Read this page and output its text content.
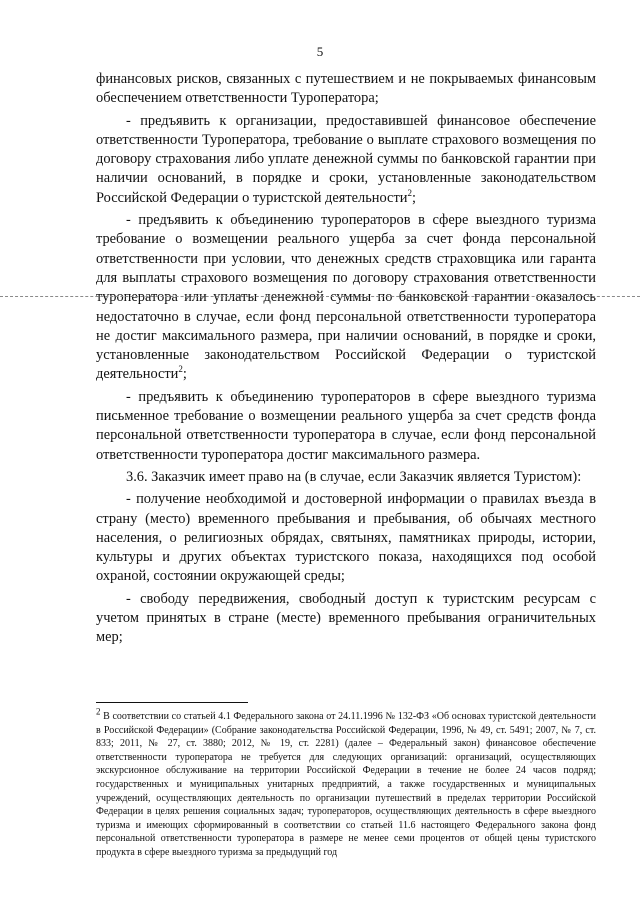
5

финансовых рисков, связанных с путешествием и не покрываемых финансовым обеспечением ответственности Туроператора;

- предъявить к организации, предоставившей финансовое обеспечение ответственности Туроператора, требование о выплате страхового возмещения по договору страхования либо уплате денежной суммы по банковской гарантии при наличии оснований, в порядке и сроки, установленные законодательством Российской Федерации о туристской деятельности$^2$;

- предъявить к объединению туроператоров в сфере выездного туризма требование о возмещении реального ущерба за счет фонда персональной ответственности при условии, что денежных средств страховщика или гаранта для выплаты страхового возмещения по договору страхования ответственности туроператора или уплаты денежной суммы по банковской гарантии оказалось недостаточно в случае, если фонд персональной ответственности туроператора не достиг максимального размера, при наличии оснований, в порядке и сроки, установленные законодательством Российской Федерации о туристской деятельности$^2$;

- предъявить к объединению туроператоров в сфере выездного туризма письменное требование о возмещении реального ущерба за счет средств фонда персональной ответственности туроператора в случае, если фонд персональной ответственности туроператора достиг максимального размера.

3.6. Заказчик имеет право на (в случае, если Заказчик является Туристом):

- получение необходимой и достоверной информации о правилах въезда в страну (место) временного пребывания и пребывания, об обычаях местного населения, о религиозных обрядах, святынях, памятниках природы, истории, культуры и других объектах туристского показа, находящихся под особой охраной, состоянии окружающей среды;

- свободу передвижения, свободный доступ к туристским ресурсам с учетом принятых в стране (месте) временного пребывания ограничительных мер;

$^2$ В соответствии со статьей 4.1 Федерального закона от 24.11.1996 № 132-ФЗ «Об основах туристской деятельности в Российской Федерации» (Собрание законодательства Российской Федерации, 1996, № 49, ст. 5491; 2007, № 7, ст. 833; 2011, № 27, ст. 3880; 2012, № 19, ст. 2281) (далее – Федеральный закон) финансовое обеспечение ответственности туроператора не требуется для следующих организаций: организаций, осуществляющих экскурсионное обслуживание на территории Российской Федерации в течение не более 24 часов подряд; государственных и муниципальных унитарных предприятий, а также государственных и муниципальных учреждений, осуществляющих деятельность по организации путешествий в пределах территории Российской Федерации в целях решения социальных задач; туроператоров, осуществляющих деятельность в сфере выездного туризма и имеющих сформированный в соответствии со статьей 11.6 настоящего Федерального закона фонд персональной ответственности туроператора в размере не менее семи процентов от общей цены туристского продукта в сфере выездного туризма за предыдущий год
